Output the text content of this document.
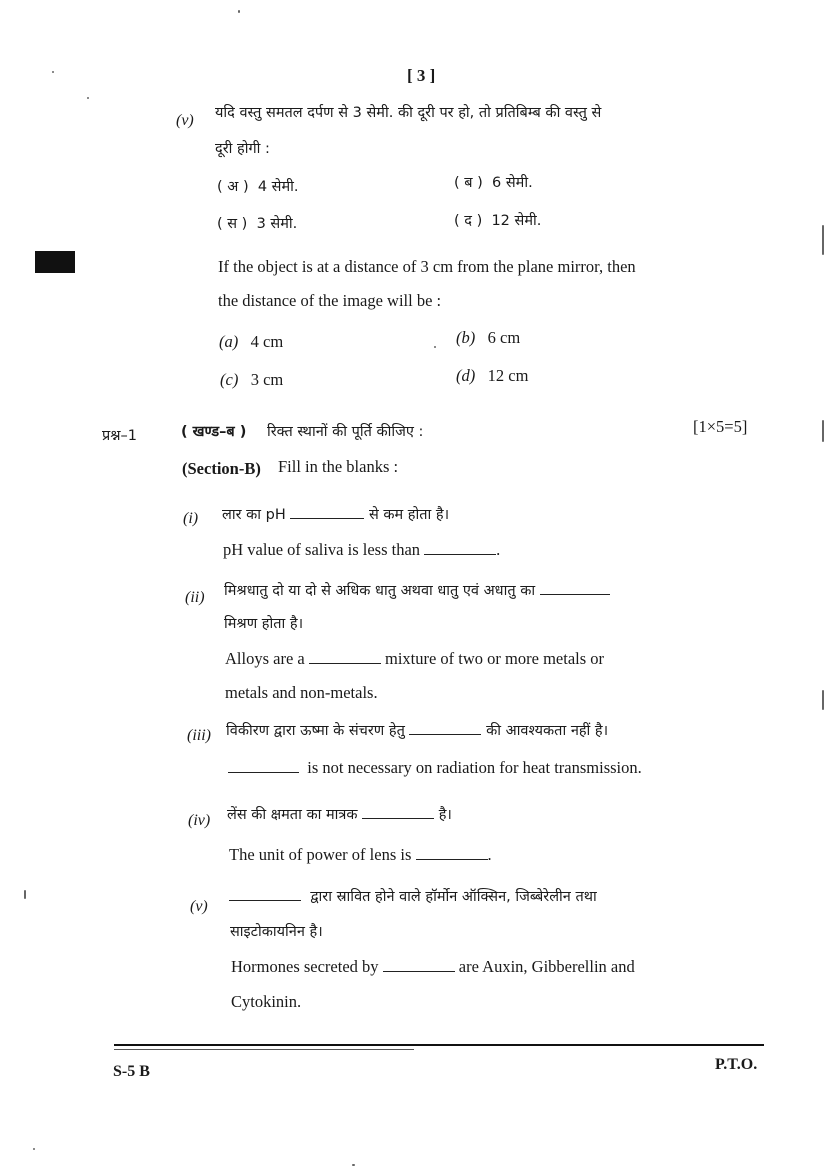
[ 3 ]
(v) यदि वस्तु समतल दर्पण से 3 सेमी. की दूरी पर हो, तो प्रतिबिम्ब की वस्तु से
दूरी होगी :
( अ ) 4 सेमी.	( ब ) 6 सेमी.
( स ) 3 सेमी.	( द ) 12 सेमी.
If the object is at a distance of 3 cm from the plane mirror, then
the distance of the image will be :
(a) 4 cm	(b) 6 cm
(c) 3 cm	(d) 12 cm
प्रश्न–1	( खण्ड–ब ) रिक्त स्थानों की पूर्ति कीजिए :	[1×5=5]
(Section-B) Fill in the blanks :
(i) लार का pH	से कम होता है।
pH value of saliva is less than	.
(ii) मिश्रधातु दो या दो से अधिक धातु अथवा धातु एवं अधातु का
मिश्रण होता है।
Alloys are a	mixture of two or more metals or
metals and non-metals.
(iii) विकीरण द्वारा ऊष्मा के संचरण हेतु	की आवश्यकता नहीं है।
is not necessary on radiation for heat transmission.
(iv) लेंस की क्षमता का मात्रक	है।
The unit of power of lens is	.
(v)
द्वारा स्रावित होने वाले हॉर्मोन ऑक्सिन, जिब्बेरेलीन तथा
साइटोकायनिन है।
Hormones secreted by	are Auxin, Gibberellin and
Cytokinin.
S-5 B	P.T.O.
